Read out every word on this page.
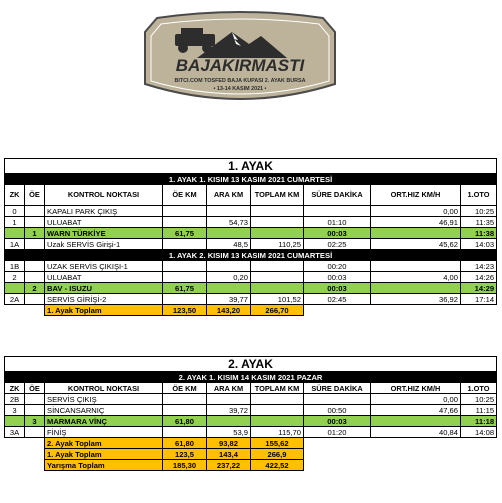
BAJAKIRMASTI
BITCI.COM TOSFED BAJA KUPASI 2. AYAK BURSA
• 13-14 KASIM 2021 •
1. AYAK								
1. AYAK 1. KISIM 13 KASIM 2021 CUMARTESİ								
ZK	ÖE	KONTROL NOKTASI	ÖE KM	ARA KM	TOPLAM KM	SÜRE DAKİKA	ORT.HIZ KM/H	1.OTO
0		KAPALI PARK ÇIKIŞ					0,00	10:25
1		ULUABAT		54,73		01:10	46,91	11:35
	1	WARN TÜRKİYE	61,75			00:03		11:38
1A		Uzak SERVİS Girişi-1		48,5	110,25	02:25	45,62	14:03
1. AYAK 2. KISIM 13 KASIM 2021 CUMARTESİ								
1B		UZAK SERVİS ÇIKIŞI-1				00:20		14:23
2		ULUABAT		0,20		00:03	4,00	14:26
	2	BAV - ISUZU	61,75			00:03		14:29
2A		SERVİS GİRİŞİ-2		39,77	101,52	02:45	36,92	17:14
		1. Ayak Toplam	123,50	143,20	266,70			
2. AYAK								
2. AYAK 1. KISIM 14 KASIM 2021 PAZAR								
ZK	ÖE	KONTROL NOKTASI	ÖE KM	ARA KM	TOPLAM KM	SÜRE DAKİKA	ORT.HIZ KM/H	1.OTO
2B		SERVİS ÇIKIŞ					0,00	10:25
3		SİNCANSARNIÇ		39,72		00:50	47,66	11:15
	3	MARMARA VİNÇ	61,80			00:03		11:18
3A		FİNİŞ		53,9	115,70	01:20	40,84	14:08
		2. Ayak Toplam	61,80	93,82	155,62			
		1. Ayak Toplam	123,5	143,4	266,9			
		Yarışma Toplam	185,30	237,22	422,52			
